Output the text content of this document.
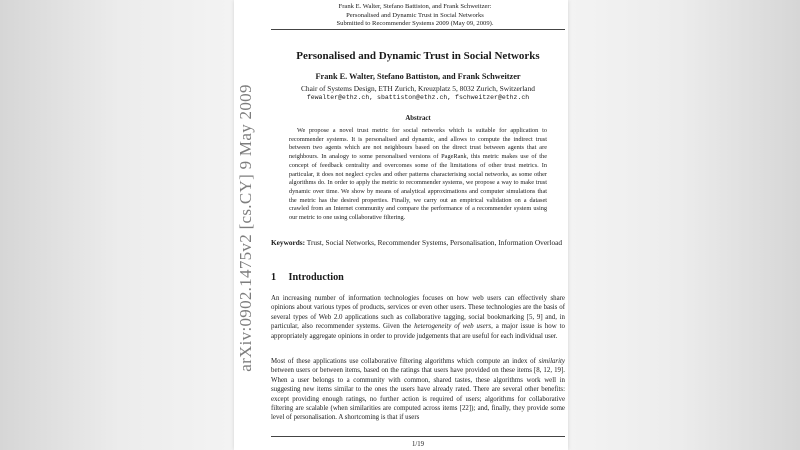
arXiv:0902.1475v2 [cs.CY] 9 May 2009
Frank E. Walter, Stefano Battiston, and Frank Schweitzer:
Personalised and Dynamic Trust in Social Networks
Submitted to Recommender Systems 2009 (May 09, 2009).
Personalised and Dynamic Trust in Social Networks
Frank E. Walter, Stefano Battiston, and Frank Schweitzer
Chair of Systems Design, ETH Zurich, Kreuzplatz 5, 8032 Zurich, Switzerland
fewalter@ethz.ch, sbattiston@ethz.ch, fschweitzer@ethz.ch
Abstract
We propose a novel trust metric for social networks which is suitable for application to recommender systems. It is personalised and dynamic, and allows to compute the indirect trust between two agents which are not neighbours based on the direct trust between agents that are neighbours. In analogy to some personalised versions of PageRank, this metric makes use of the concept of feedback centrality and overcomes some of the limitations of other trust metrics. In particular, it does not neglect cycles and other patterns characterising social networks, as some other algorithms do. In order to apply the metric to recommender systems, we propose a way to make trust dynamic over time. We show by means of analytical approximations and computer simulations that the metric has the desired properties. Finally, we carry out an empirical validation on a dataset crawled from an Internet community and compare the performance of a recommender system using our metric to one using collaborative filtering.
Keywords: Trust, Social Networks, Recommender Systems, Personalisation, Information Overload
1 Introduction
An increasing number of information technologies focuses on how web users can effectively share opinions about various types of products, services or even other users. These technologies are the basis of several types of Web 2.0 applications such as collaborative tagging, social bookmarking [5, 9] and, in particular, also recommender systems. Given the heterogeneity of web users, a major issue is how to appropriately aggregate opinions in order to provide judgements that are useful for each individual user.
Most of these applications use collaborative filtering algorithms which compute an index of similarity between users or between items, based on the ratings that users have provided on these items [8, 12, 19]. When a user belongs to a community with common, shared tastes, these algorithms work well in suggesting new items similar to the ones the users have already rated. There are several other benefits: except providing enough ratings, no further action is required of users; algorithms for collaborative filtering are scalable (when similarities are computed across items [22]); and, finally, they provide some level of personalisation. A shortcoming is that if users
1/19
